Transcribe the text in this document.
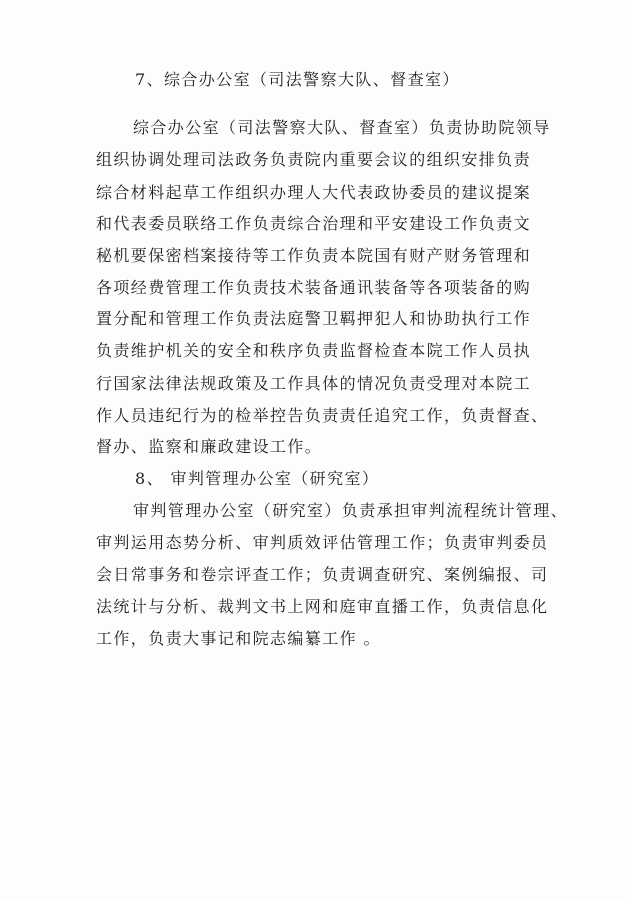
7、综合办公室（司法警察大队、督查室）
综合办公室（司法警察大队、督查室）负责协助院领导
组织协调处理司法政务负责院内重要会议的组织安排负责
综合材料起草工作组织办理人大代表政协委员的建议提案
和代表委员联络工作负责综合治理和平安建设工作负责文
秘机要保密档案接待等工作负责本院国有财产财务管理和
各项经费管理工作负责技术装备通讯装备等各项装备的购
置分配和管理工作负责法庭警卫羁押犯人和协助执行工作
负责维护机关的安全和秩序负责监督检查本院工作人员执
行国家法律法规政策及工作具体的情况负责受理对本院工
作人员违纪行为的检举控告负责责任追究工作，负责督查、
督办、监察和廉政建设工作。
8、 审判管理办公室（研究室）
审判管理办公室（研究室）负责承担审判流程统计管理、
审判运用态势分析、审判质效评估管理工作；负责审判委员
会日常事务和卷宗评查工作；负责调查研究、案例编报、司
法统计与分析、裁判文书上网和庭审直播工作，负责信息化
工作，负责大事记和院志编纂工作 。
